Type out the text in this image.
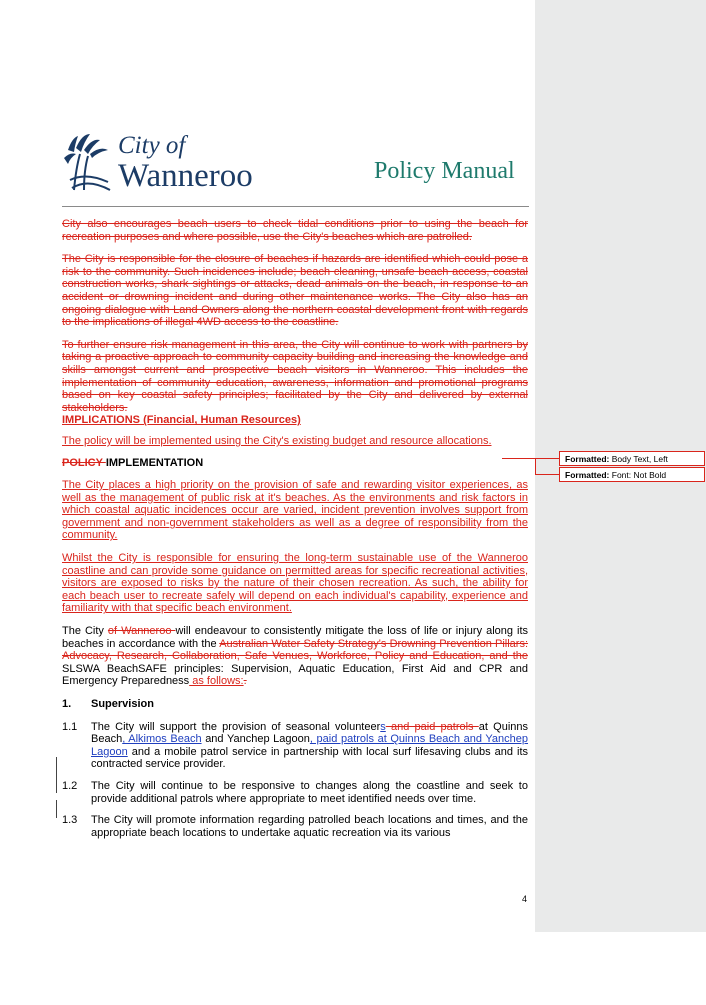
City of
Wanneroo	Policy Manual

City also encourages beach users to check tidal conditions prior to using the beach for recreation purposes and where possible, use the City's beaches which are patrolled.

The City is responsible for the closure of beaches if hazards are identified which could pose a risk to the community. Such incidences include; beach cleaning, unsafe beach access, coastal construction works, shark sightings or attacks, dead animals on the beach, in response to an accident or drowning incident and during other maintenance works. The City also has an ongoing dialogue with Land Owners along the northern coastal development front with regards to the implications of illegal 4WD access to the coastline.

To further ensure risk management in this area, the City will continue to work with partners by taking a proactive approach to community capacity building and increasing the knowledge and skills amongst current and prospective beach visitors in Wanneroo. This includes the implementation of community education, awareness, information and promotional programs based on key coastal safety principles; facilitated by the City and delivered by external stakeholders.

IMPLICATIONS (Financial, Human Resources)

The policy will be implemented using the City's existing budget and resource allocations.

POLICY IMPLEMENTATION

The City places a high priority on the provision of safe and rewarding visitor experiences, as well as the management of public risk at it's beaches. As the environments and risk factors in which coastal aquatic incidences occur are varied, incident prevention involves support from government and non-government stakeholders as well as a degree of responsibility from the community.

Whilst the City is responsible for ensuring the long-term sustainable use of the Wanneroo coastline and can provide some guidance on permitted areas for specific recreational activities, visitors are exposed to risks by the nature of their chosen recreation. As such, the ability for each beach user to recreate safely will depend on each individual's capability, experience and familiarity with that specific beach environment.

The City of Wanneroo will endeavour to consistently mitigate the loss of life or injury along its beaches in accordance with the Australian Water Safety Strategy's Drowning Prevention Pillars: Advocacy, Research, Collaboration, Safe Venues, Workforce, Policy and Education, and the SLSWA BeachSAFE principles: Supervision, Aquatic Education, First Aid and CPR and Emergency Preparedness as follows:.

1.	Supervision
1.1	The City will support the provision of seasonal volunteers and paid patrols at Quinns Beach, Alkimos Beach and Yanchep Lagoon, paid patrols at Quinns Beach and Yanchep Lagoon and a mobile patrol service in partnership with local surf lifesaving clubs and its contracted service provider.
1.2	The City will continue to be responsive to changes along the coastline and seek to provide additional patrols where appropriate to meet identified needs over time.
1.3	The City will promote information regarding patrolled beach locations and times, and the appropriate beach locations to undertake aquatic recreation via its various
Formatted: Body Text, Left
Formatted: Font: Not Bold
4
